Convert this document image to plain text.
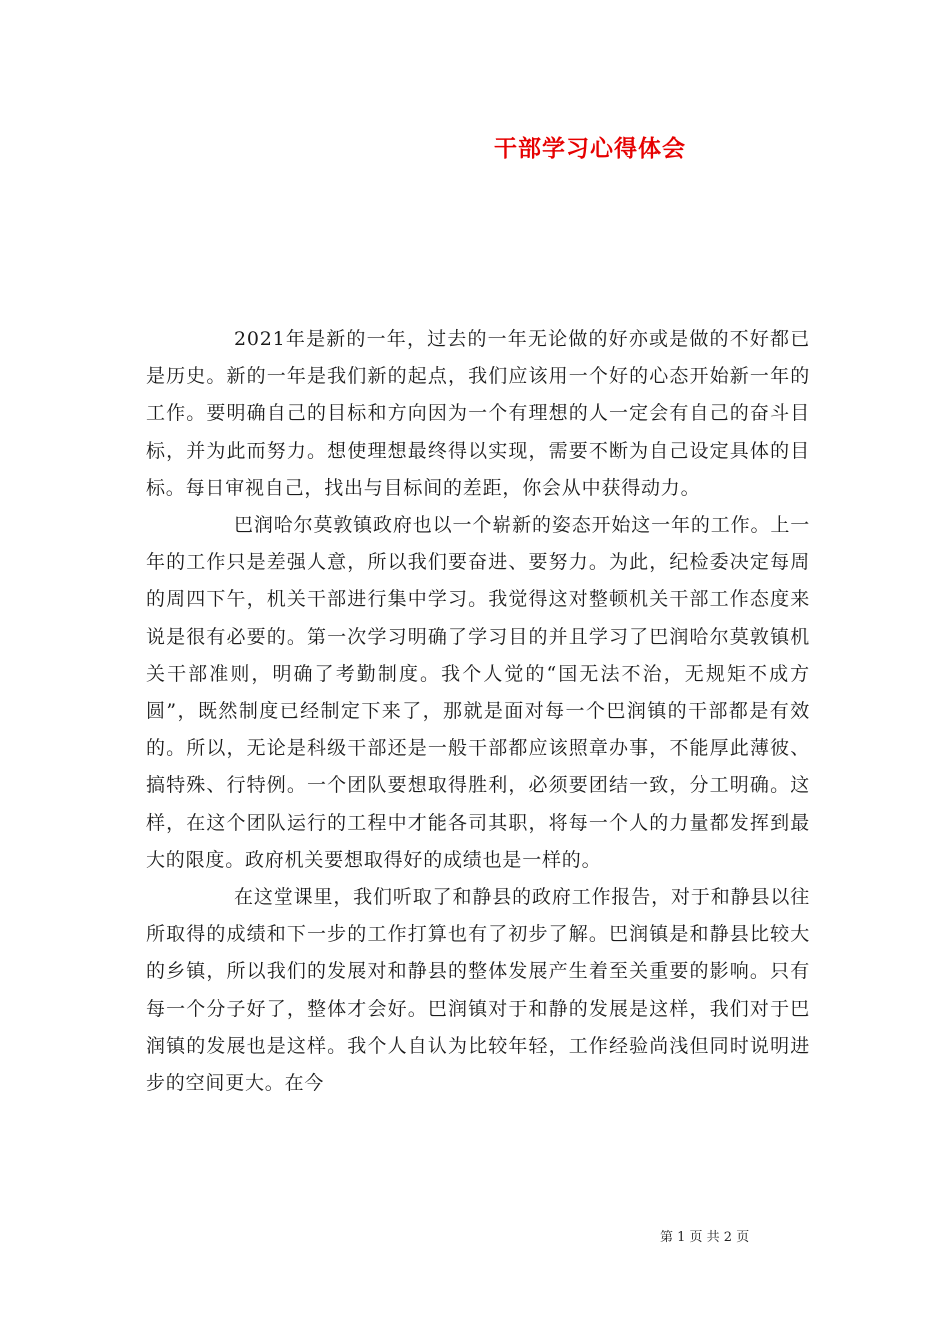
干部学习心得体会

2021年是新的一年，过去的一年无论做的好亦或是做的不好都已是历史。新的一年是我们新的起点，我们应该用一个好的心态开始新一年的工作。要明确自己的目标和方向因为一个有理想的人一定会有自己的奋斗目标，并为此而努力。想使理想最终得以实现，需要不断为自己设定具体的目标。每日审视自己，找出与目标间的差距，你会从中获得动力。

巴润哈尔莫敦镇政府也以一个崭新的姿态开始这一年的工作。上一年的工作只是差强人意，所以我们要奋进、要努力。为此，纪检委决定每周的周四下午，机关干部进行集中学习。我觉得这对整顿机关干部工作态度来说是很有必要的。第一次学习明确了学习目的并且学习了巴润哈尔莫敦镇机关干部准则，明确了考勤制度。我个人觉的“国无法不治，无规矩不成方圆”，既然制度已经制定下来了，那就是面对每一个巴润镇的干部都是有效的。所以，无论是科级干部还是一般干部都应该照章办事，不能厚此薄彼、搞特殊、行特例。一个团队要想取得胜利，必须要团结一致，分工明确。这样，在这个团队运行的工程中才能各司其职，将每一个人的力量都发挥到最大的限度。政府机关要想取得好的成绩也是一样的。

在这堂课里，我们听取了和静县的政府工作报告，对于和静县以往所取得的成绩和下一步的工作打算也有了初步了解。巴润镇是和静县比较大的乡镇，所以我们的发展对和静县的整体发展产生着至关重要的影响。只有每一个分子好了，整体才会好。巴润镇对于和静的发展是这样，我们对于巴润镇的发展也是这样。我个人自认为比较年轻，工作经验尚浅但同时说明进步的空间更大。在今

第 1 页 共 2 页
